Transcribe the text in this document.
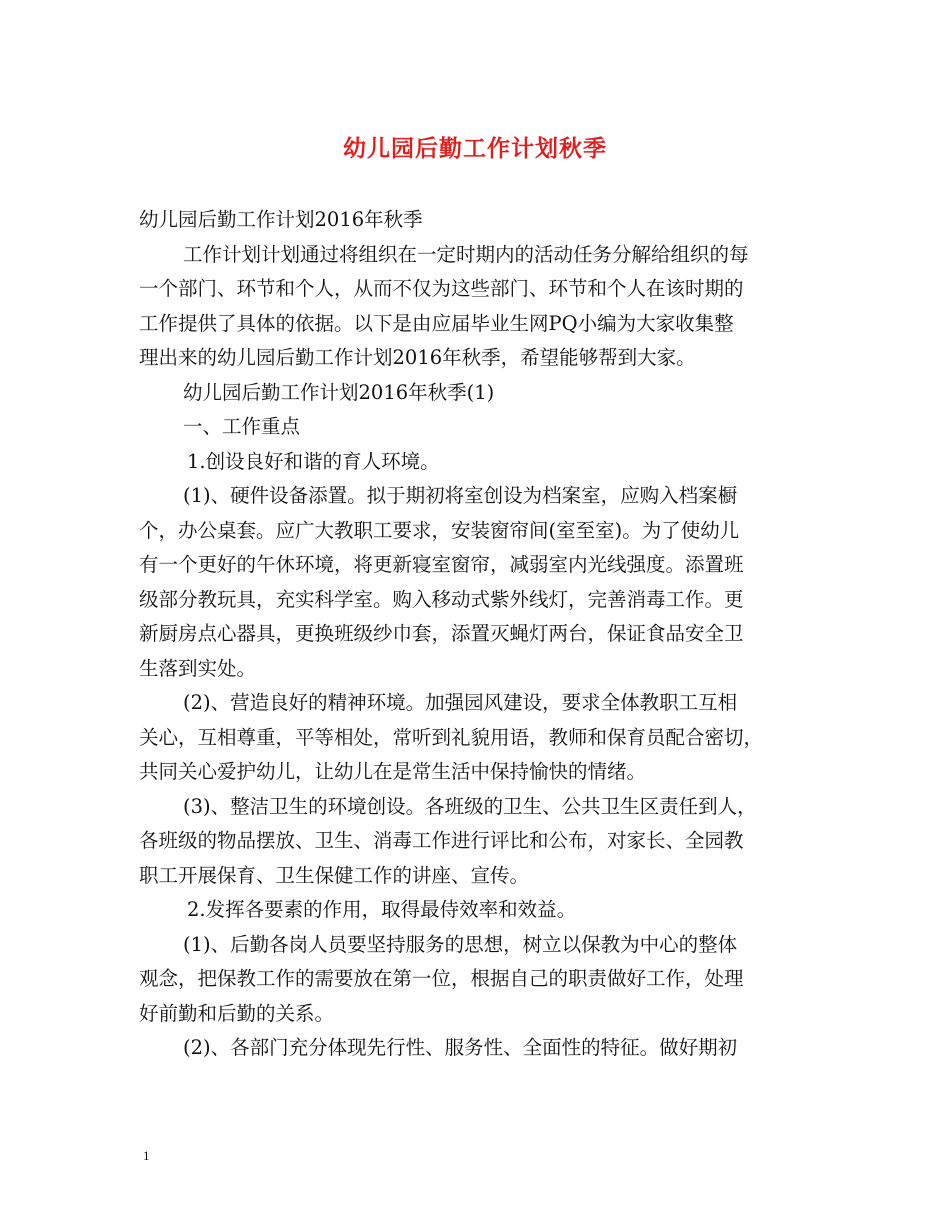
幼儿园后勤工作计划秋季

幼儿园后勤工作计划2016年秋季

工作计划计划通过将组织在一定时期内的活动任务分解给组织的每

一个部门、环节和个人，从而不仅为这些部门、环节和个人在该时期的

工作提供了具体的依据。以下是由应届毕业生网PQ小编为大家收集整

理出来的幼儿园后勤工作计划2016年秋季，希望能够帮到大家。

幼儿园后勤工作计划2016年秋季(1)

一、工作重点

1.创设良好和谐的育人环境。

(1)、硬件设备添置。拟于期初将室创设为档案室，应购入档案橱

个，办公桌套。应广大教职工要求，安装窗帘间(室至室)。为了使幼儿

有一个更好的午休环境，将更新寝室窗帘，减弱室内光线强度。添置班

级部分教玩具，充实科学室。购入移动式紫外线灯，完善消毒工作。更

新厨房点心器具，更换班级纱巾套，添置灭蝇灯两台，保证食品安全卫

生落到实处。

(2)、营造良好的精神环境。加强园风建设，要求全体教职工互相

关心，互相尊重，平等相处，常听到礼貌用语，教师和保育员配合密切，

共同关心爱护幼儿，让幼儿在是常生活中保持愉快的情绪。

(3)、整洁卫生的环境创设。各班级的卫生、公共卫生区责任到人，

各班级的物品摆放、卫生、消毒工作进行评比和公布，对家长、全园教

职工开展保育、卫生保健工作的讲座、宣传。

2.发挥各要素的作用，取得最侍效率和效益。

(1)、后勤各岗人员要坚持服务的思想，树立以保教为中心的整体

观念，把保教工作的需要放在第一位，根据自己的职责做好工作，处理

好前勤和后勤的关系。

(2)、各部门充分体现先行性、服务性、全面性的特征。做好期初

1
